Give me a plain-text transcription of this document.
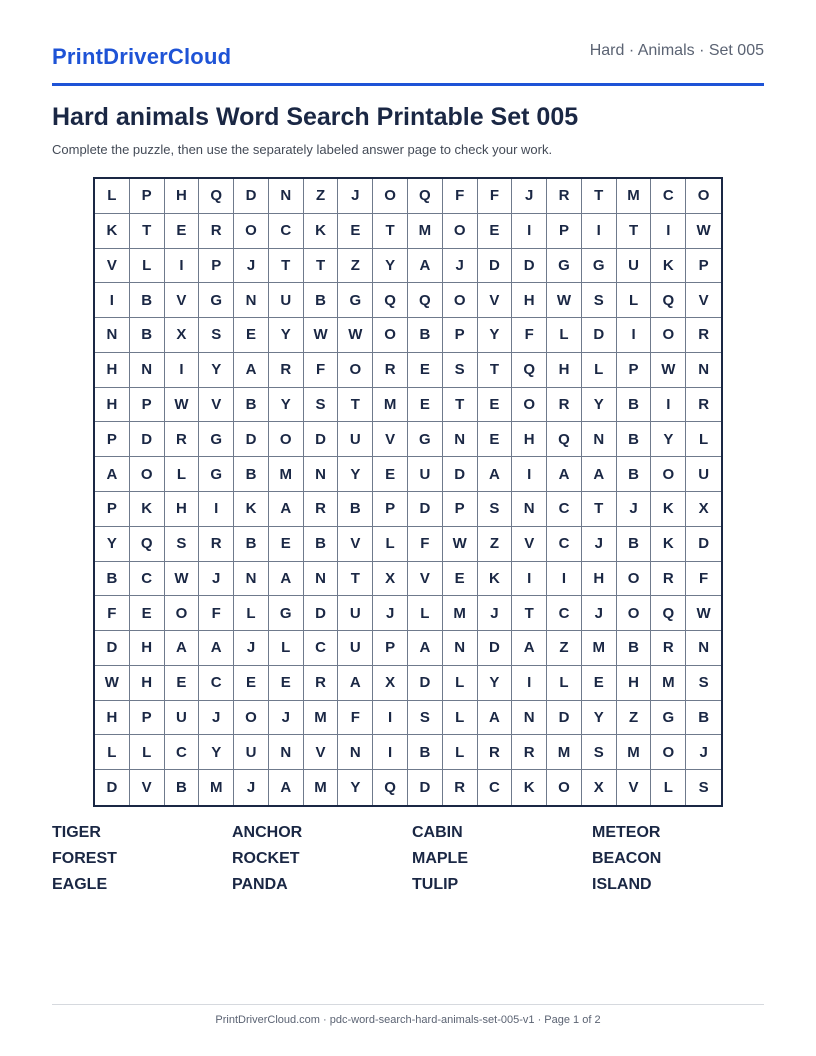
PrintDriverCloud	Hard · Animals · Set 005
Hard animals Word Search Printable Set 005
Complete the puzzle, then use the separately labeled answer page to check your work.
L	P	H	Q	D	N	Z	J	O	Q	F	F	J	R	T	M	C	O
K	T	E	R	O	C	K	E	T	M	O	E	I	P	I	T	I	W
V	L	I	P	J	T	T	Z	Y	A	J	D	D	G	G	U	K	P
I	B	V	G	N	U	B	G	Q	Q	O	V	H	W	S	L	Q	V
N	B	X	S	E	Y	W	W	O	B	P	Y	F	L	D	I	O	R
H	N	I	Y	A	R	F	O	R	E	S	T	Q	H	L	P	W	N
H	P	W	V	B	Y	S	T	M	E	T	E	O	R	Y	B	I	R
P	D	R	G	D	O	D	U	V	G	N	E	H	Q	N	B	Y	L
A	O	L	G	B	M	N	Y	E	U	D	A	I	A	A	B	O	U
P	K	H	I	K	A	R	B	P	D	P	S	N	C	T	J	K	X
Y	Q	S	R	B	E	B	V	L	F	W	Z	V	C	J	B	K	D
B	C	W	J	N	A	N	T	X	V	E	K	I	I	H	O	R	F
F	E	O	F	L	G	D	U	J	L	M	J	T	C	J	O	Q	W
D	H	A	A	J	L	C	U	P	A	N	D	A	Z	M	B	R	N
W	H	E	C	E	E	R	A	X	D	L	Y	I	L	E	H	M	S
H	P	U	J	O	J	M	F	I	S	L	A	N	D	Y	Z	G	B
L	L	C	Y	U	N	V	N	I	B	L	R	R	M	S	M	O	J
D	V	B	M	J	A	M	Y	Q	D	R	C	K	O	X	V	L	S
TIGER	ANCHOR	CABIN	METEOR
FOREST	ROCKET	MAPLE	BEACON
EAGLE	PANDA	TULIP	ISLAND
PrintDriverCloud.com · pdc-word-search-hard-animals-set-005-v1 · Page 1 of 2
